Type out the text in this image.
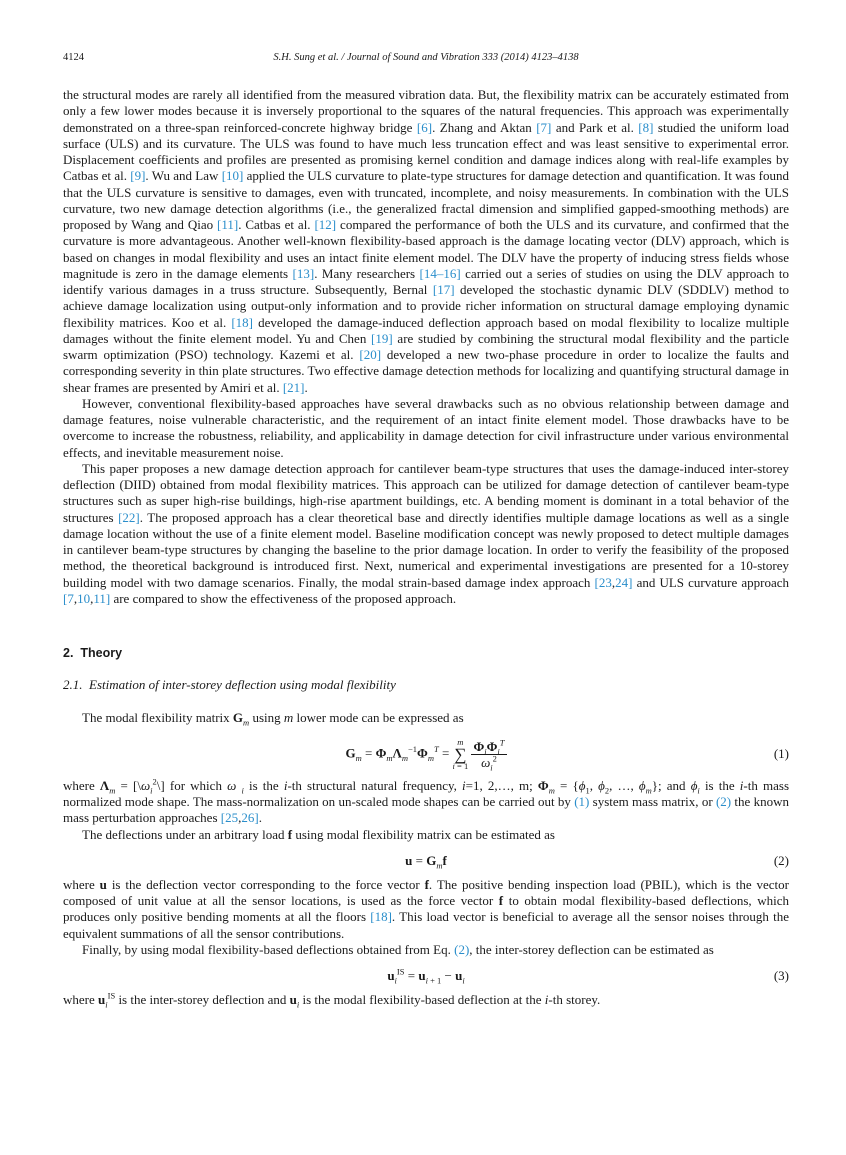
4124	S.H. Sung et al. / Journal of Sound and Vibration 333 (2014) 4123–4138

the structural modes are rarely all identified from the measured vibration data. But, the flexibility matrix can be accurately estimated from only a few lower modes because it is inversely proportional to the squares of the natural frequencies. This approach was experimentally demonstrated on a three-span reinforced-concrete highway bridge [6]. Zhang and Aktan [7] and Park et al. [8] studied the uniform load surface (ULS) and its curvature. The ULS was found to have much less truncation effect and was least sensitive to experimental error. Displacement coefficients and profiles are presented as promising kernel condition and damage indices along with real-life examples by Catbas et al. [9]. Wu and Law [10] applied the ULS curvature to plate-type structures for damage detection and quantification. It was found that the ULS curvature is sensitive to damages, even with truncated, incomplete, and noisy measurements. In combination with the ULS curvature, two new damage detection algorithms (i.e., the generalized fractal dimension and simplified gapped-smoothing methods) are proposed by Wang and Qiao [11]. Catbas et al. [12] compared the performance of both the ULS and its curvature, and confirmed that the curvature is more advantageous. Another well-known flexibility-based approach is the damage locating vector (DLV) approach, which is based on changes in modal flexibility and uses an intact finite element model. The DLV have the property of inducing stress fields whose magnitude is zero in the damage elements [13]. Many researchers [14–16] carried out a series of studies on using the DLV approach to identify various damages in a truss structure. Subsequently, Bernal [17] developed the stochastic dynamic DLV (SDDLV) method to achieve damage localization using output-only information and to provide richer information on structural damage employing dynamic flexibility matrices. Koo et al. [18] developed the damage-induced deflection approach based on modal flexibility to localize multiple damages without the finite element model. Yu and Chen [19] are studied by combining the structural modal flexibility and the particle swarm optimization (PSO) technology. Kazemi et al. [20] developed a new two-phase procedure in order to localize the faults and corresponding severity in thin plate structures. Two effective damage detection methods for localizing and quantifying structural damage in shear frames are presented by Amiri et al. [21].

However, conventional flexibility-based approaches have several drawbacks such as no obvious relationship between damage and damage features, noise vulnerable characteristic, and the requirement of an intact finite element model. Those drawbacks have to be overcome to increase the robustness, reliability, and applicability in damage detection for civil infrastructure under various environmental effects, and inevitable measurement noise.

This paper proposes a new damage detection approach for cantilever beam-type structures that uses the damage-induced inter-storey deflection (DIID) obtained from modal flexibility matrices. This approach can be utilized for damage detection of cantilever beam-type structures such as super high-rise buildings, high-rise apartment buildings, etc. A bending moment is dominant in a total behavior of the structures [22]. The proposed approach has a clear theoretical base and directly identifies multiple damage locations as well as a single damage location without the use of a finite element model. Baseline modification concept was newly proposed to detect multiple damages in cantilever beam-type structures by changing the baseline to the prior damage location. In order to verify the feasibility of the proposed method, the theoretical background is introduced first. Next, numerical and experimental investigations are presented for a 10-storey building model with two damage scenarios. Finally, the modal strain-based damage index approach [23,24] and ULS curvature approach [7,10,11] are compared to show the effectiveness of the proposed approach.

2. Theory

2.1. Estimation of inter-storey deflection using modal flexibility

The modal flexibility matrix $G_m$ using m lower mode can be expressed as

$G_m = \Phi_m\Lambda_m^{-1}\Phi_m^T$ =
m
∑
i = 1
$\frac{\Phi_i\Phi_i^T}{\omega_i^2}$	(1)

where $\Lambda_m$ = $[\backslash\omega_i^2\backslash]$ for which ω $_i$ is the i-th structural natural frequency, i=1, 2,…, m; $\Phi_m = \{\phi_1$, $\phi_2$, …, $\phi_m$}; and $\phi_i$ is the i-th mass normalized mode shape. The mass-normalization on un-scaled mode shapes can be carried out by (1) system mass matrix, or (2) the known mass perturbation approaches [25,26].

The deflections under an arbitrary load f using modal flexibility matrix can be estimated as

$u = G_mf$	(2)

where u is the deflection vector corresponding to the force vector f. The positive bending inspection load (PBIL), which is the vector composed of unit value at all the sensor locations, is used as the force vector f to obtain modal flexibility-based deflections, which produces only positive bending moments at all the floors [18]. This load vector is beneficial to average all the sensor noises through the equivalent summations of all the sensor contributions.

Finally, by using modal flexibility-based deflections obtained from Eq. (2), the inter-storey deflection can be estimated as

$u_i^{IS} = u_{i + 1} - u_i$	(3)

where $u_i^{IS}$ is the inter-storey deflection and $u_i$ is the modal flexibility-based deflection at the i-th storey.
